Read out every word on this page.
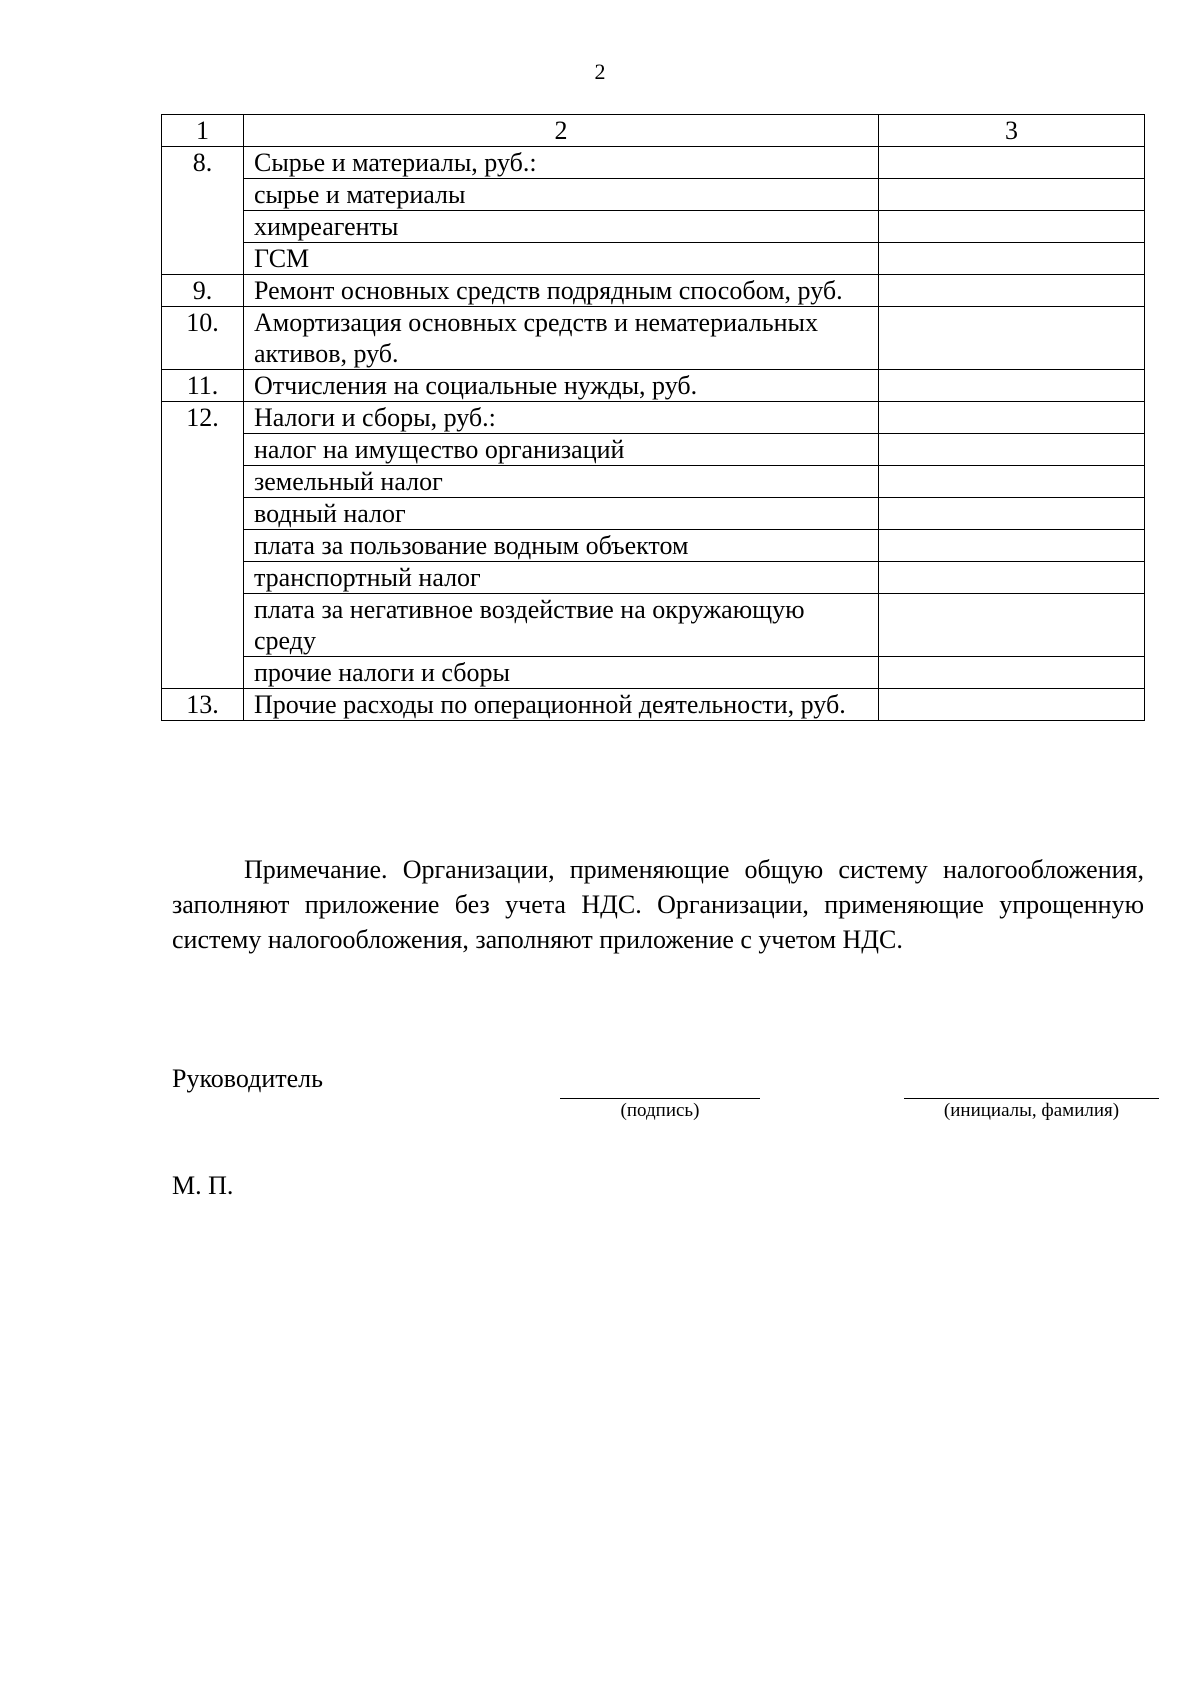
2
1	2	3
8.	Сырье и материалы, руб.:	
	сырье и материалы	
	химреагенты	
	ГСМ	
9.	Ремонт основных средств подрядным способом, руб.	
10.	Амортизация основных средств и нематериальных активов, руб.	
11.	Отчисления на социальные нужды, руб.	
12.	Налоги и сборы, руб.:	
	налог на имущество организаций	
	земельный налог	
	водный налог	
	плата за пользование водным объектом	
	транспортный налог	
	плата за негативное воздействие на окружающую среду	
	прочие налоги и сборы	
13.	Прочие расходы по операционной деятельности, руб.	

Примечание. Организации, применяющие общую систему налогообложения, заполняют приложение без учета НДС. Организации, применяющие упрощенную систему налогообложения, заполняют приложение с учетом НДС.

Руководитель
(подпись)	(инициалы, фамилия)
М. П.
